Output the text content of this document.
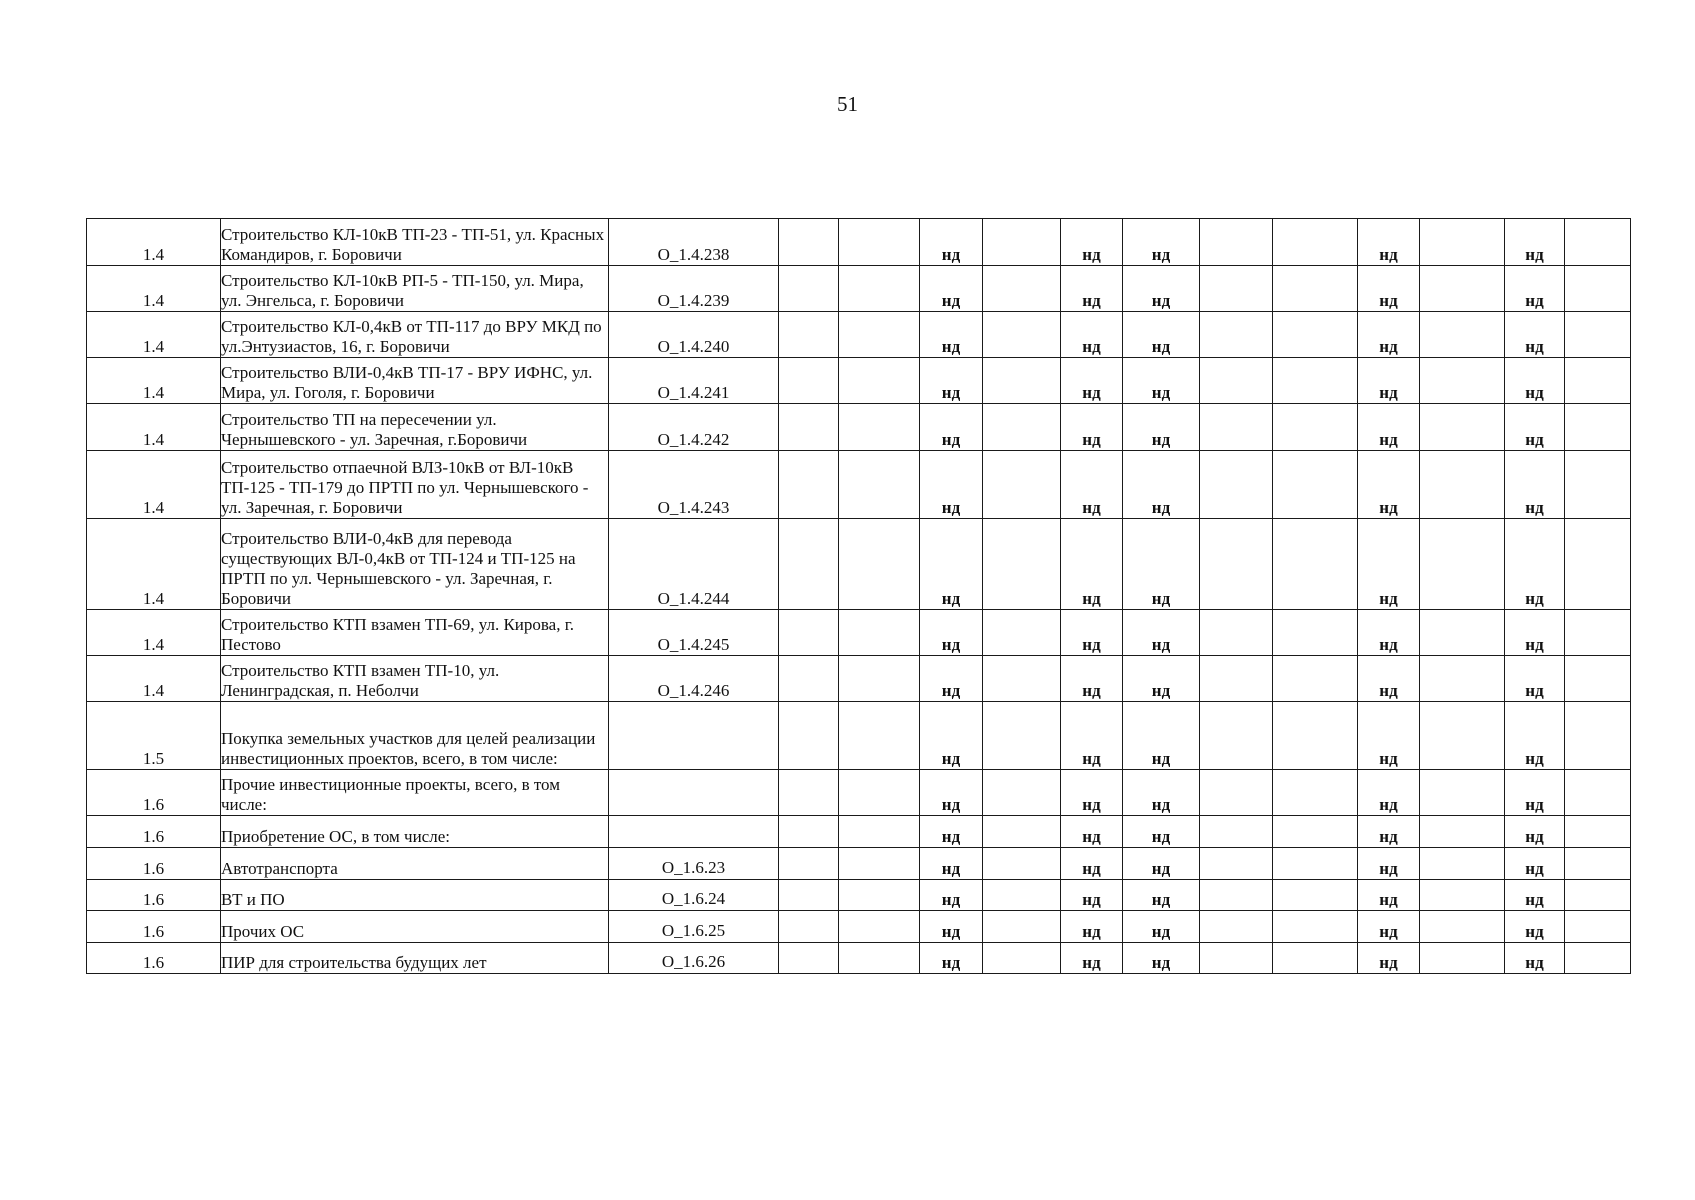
51
1.4	Строительство КЛ-10кВ ТП-23 - ТП-51, ул. Красных Командиров, г. Боровичи	О_1.4.238			нд		нд	нд			нд		нд	
1.4	Строительство КЛ-10кВ РП-5 - ТП-150, ул. Мира, ул. Энгельса, г. Боровичи	О_1.4.239			нд		нд	нд			нд		нд	
1.4	Строительство КЛ-0,4кВ от ТП-117 до ВРУ МКД по ул.Энтузиастов, 16, г. Боровичи	О_1.4.240			нд		нд	нд			нд		нд	
1.4	Строительство ВЛИ-0,4кВ ТП-17 - ВРУ ИФНС, ул. Мира, ул. Гоголя, г. Боровичи	О_1.4.241			нд		нд	нд			нд		нд	
1.4	Строительство ТП на пересечении ул. Чернышевского - ул. Заречная, г.Боровичи	О_1.4.242			нд		нд	нд			нд		нд	
1.4	Строительство отпаечной ВЛЗ-10кВ от ВЛ-10кВ ТП-125 - ТП-179 до ПРТП по ул. Чернышевского - ул. Заречная, г. Боровичи	О_1.4.243			нд		нд	нд			нд		нд	
1.4	Строительство ВЛИ-0,4кВ для перевода существующих ВЛ-0,4кВ от ТП-124 и ТП-125 на ПРТП по ул. Чернышевского - ул. Заречная, г. Боровичи	О_1.4.244			нд		нд	нд			нд		нд	
1.4	Строительство КТП взамен ТП-69, ул. Кирова, г. Пестово	О_1.4.245			нд		нд	нд			нд		нд	
1.4	Строительство КТП взамен ТП-10, ул. Ленинградская, п. Неболчи	О_1.4.246			нд		нд	нд			нд		нд	
1.5	Покупка земельных участков для целей реализации инвестиционных проектов, всего, в том числе:				нд		нд	нд			нд		нд	
1.6	Прочие инвестиционные проекты, всего, в том числе:				нд		нд	нд			нд		нд	
1.6	Приобретение ОС, в том числе:				нд		нд	нд			нд		нд	
1.6	Автотранспорта	О_1.6.23			нд		нд	нд			нд		нд	
1.6	ВТ и ПО	О_1.6.24			нд		нд	нд			нд		нд	
1.6	Прочих ОС	О_1.6.25			нд		нд	нд			нд		нд	
1.6	ПИР для строительства будущих лет	О_1.6.26			нд		нд	нд			нд		нд	
